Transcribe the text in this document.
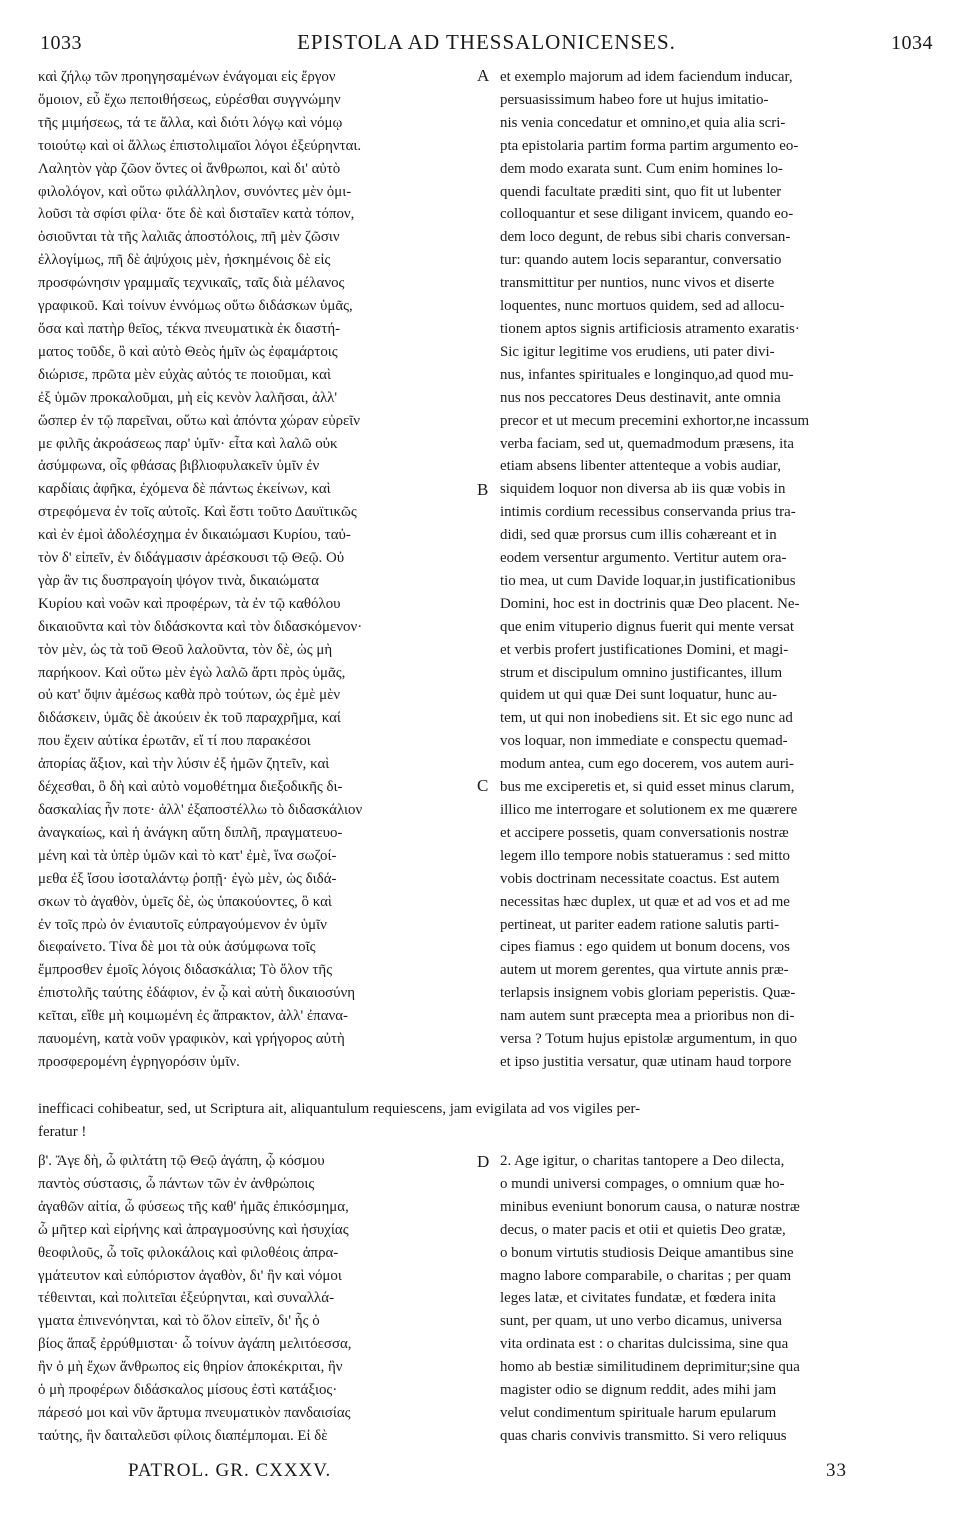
1033	EPISTOLA AD THESSALONICENSES.	1034
καὶ ζήλῳ τῶν προηγησαμένων ἐνάγομαι εἰς ἔργον
ὅμοιον, εὖ ἔχω πεποιθήσεως, εὑρέσθαι συγγνώμην
τῆς μιμήσεως, τά τε ἄλλα, καὶ διότι λόγῳ καὶ νόμῳ
τοιούτῳ καὶ οἱ ἄλλως ἐπιστολιμαῖοι λόγοι ἐξεύρηνται.
Λαλητὸν γὰρ ζῶον ὄντες οἱ ἄνθρωποι, καὶ δι' αὐτὸ
φιλολόγον, καὶ οὕτω φιλάλληλον, συνόντες μὲν ὁμι-
λοῦσι τὰ σφίσι φίλα· ὅτε δὲ καὶ δισταῖεν κατὰ τόπον,
ὁσιοῦνται τὰ τῆς λαλιᾶς ἀποστόλοις, πῆ μὲν ζῶσιν
ἐλλογίμως, πῆ δὲ ἀψύχοις μὲν, ἠσκημένοις δὲ εἰς
προσφώνησιν γραμμαῖς τεχνικαῖς, ταῖς διὰ μέλανος
γραφικοῦ. Καὶ τοίνυν ἐννόμως οὕτω διδάσκων ὑμᾶς,
ὅσα καὶ πατὴρ θεῖος, τέκνα πνευματικὰ ἐκ διαστή-
ματος τοῦδε, ὃ καὶ αὐτὸ Θεὸς ἡμῖν ὡς ἐφαμάρτοις
διώρισε, πρῶτα μὲν εὐχὰς αὐτός τε ποιοῦμαι, καὶ
ἐξ ὑμῶν προκαλοῦμαι, μὴ εἰς κενὸν λαλῆσαι, ἀλλ'
ὥσπερ ἐν τῷ παρεῖναι, οὕτω καὶ ἀπόντα χώραν εὑρεῖν
με φιλῆς ἀκροάσεως παρ' ὑμῖν· εἶτα καὶ λαλῶ οὐκ
ἀσύμφωνα, οἷς φθάσας βιβλιοφυλακεῖν ὑμῖν ἐν
καρδίαις ἀφῆκα, ἐχόμενα δὲ πάντως ἐκείνων, καὶ
στρεφόμενα ἐν τοῖς αὐτοῖς. Καὶ ἔστι τοῦτο Δαυϊτικῶς
καὶ ἐν ἐμοὶ ἀδολέσχημα ἐν δικαιώμασι Κυρίου, ταὐ-
τὸν δ' εἰπεῖν, ἐν διδάγμασιν ἀρέσκουσι τῷ Θεῷ. Οὐ
γὰρ ἂν τις δυσπραγοίη ψόγον τινὰ, δικαιώματα
Κυρίου καὶ νοῶν καὶ προφέρων, τὰ ἐν τῷ καθόλου
δικαιοῦντα καὶ τὸν διδάσκοντα καὶ τὸν διδασκόμενον·
τὸν μὲν, ὡς τὰ τοῦ Θεοῦ λαλοῦντα, τὸν δὲ, ὡς μὴ
παρήκοον. Καὶ οὕτω μὲν ἐγὼ λαλῶ ἄρτι πρὸς ὑμᾶς,
οὐ κατ' ὄψιν ἀμέσως καθὰ πρὸ τούτων, ὡς ἐμὲ μὲν
διδάσκειν, ὑμᾶς δὲ ἀκούειν ἐκ τοῦ παραχρῆμα, καί
που ἔχειν αὐτίκα ἐρωτᾶν, εἴ τί που παρακέσοι
ἀπορίας ἄξιον, καὶ τὴν λύσιν ἐξ ἡμῶν ζητεῖν, καὶ
δέχεσθαι, ὃ δὴ καὶ αὐτὸ νομοθέτημα διεξοδικῆς δι-
δασκαλίας ἦν ποτε· ἀλλ' ἐξαποστέλλω τὸ διδασκάλιον
ἀναγκαίως, καὶ ἡ ἀνάγκη αὕτη διπλῆ, πραγματευο-
μένη καὶ τὰ ὑπὲρ ὑμῶν καὶ τὸ κατ' ἐμὲ, ἵνα σωζοί-
μεθα ἐξ ἴσου ἰσοταλάντῳ ῥοπῇ· ἐγὼ μὲν, ὡς διδά-
σκων τὸ ἀγαθὸν, ὑμεῖς δὲ, ὡς ὑπακούοντες, ὃ καὶ
ἐν τοῖς πρὼ ὀν ἐνιαυτοῖς εὐπραγούμενον ἐν ὑμῖν
διεφαίνετο. Τίνα δὲ μοι τὰ οὐκ ἀσύμφωνα τοῖς
ἔμπροσθεν ἐμοῖς λόγοις διδασκάλια; Τὸ ὅλον τῆς
ἐπιστολῆς ταύτης ἐδάφιον, ἐν ᾧ καὶ αὐτὴ δικαιοσύνη
κεῖται, εἴθε μὴ κοιμωμένη ἐς ἄπρακτον, ἀλλ' ἐπανα-
παυομένη, κατὰ νοῦν γραφικὸν, καὶ γρήγορος αὐτὴ
προσφερομένη ἐγρηγορόσιν ὑμῖν.
et exemplo majorum ad idem faciendum inducar,
persuasissimum habeo fore ut hujus imitatio-
nis venia concedatur et omnino,et quia alia scri-
pta epistolaria partim forma partim argumento eo-
dem modo exarata sunt. Cum enim homines lo-
quendi facultate præditi sint, quo fit ut lubenter
colloquantur et sese diligant invicem, quando eo-
dem loco degunt, de rebus sibi charis conversan-
tur: quando autem locis separantur, conversatio
transmittitur per nuntios, nunc vivos et diserte
loquentes, nunc mortuos quidem, sed ad allocu-
tionem aptos signis artificiosis atramento exaratis·
Sic igitur legitime vos erudiens, uti pater divi-
nus, infantes spirituales e longinquo,ad quod mu-
nus nos peccatores Deus destinavit, ante omnia
precor et ut mecum precemini exhortor,ne incassum
verba faciam, sed ut, quemadmodum præsens, ita
etiam absens libenter attenteque a vobis audiar,
siquidem loquor non diversa ab iis quæ vobis in
intimis cordium recessibus conservanda prius tra-
didi, sed quæ prorsus cum illis cohæreant et in
eodem versentur argumento. Vertitur autem ora-
tio mea, ut cum Davide loquar,in justificationibus
Domini, hoc est in doctrinis quæ Deo placent. Ne-
que enim vituperio dignus fuerit qui mente versat
et verbis profert justificationes Domini, et magi-
strum et discipulum omnino justificantes, illum
quidem ut qui quæ Dei sunt loquatur, hunc au-
tem, ut qui non inobediens sit. Et sic ego nunc ad
vos loquar, non immediate e conspectu quemad-
modum antea, cum ego docerem, vos autem auri-
bus me exciperetis et, si quid esset minus clarum,
illico me interrogare et solutionem ex me quærere
et accipere possetis, quam conversationis nostræ
legem illo tempore nobis statueramus : sed mitto
vobis doctrinam necessitate coactus. Est autem
necessitas hæc duplex, ut quæ et ad vos et ad me
pertineat, ut pariter eadem ratione salutis parti-
cipes fiamus : ego quidem ut bonum docens, vos
autem ut morem gerentes, qua virtute annis præ-
terlapsis insignem vobis gloriam peperistis. Quæ-
nam autem sunt præcepta mea a prioribus non di-
versa ? Totum hujus epistolæ argumentum, in quo
et ipso justitia versatur, quæ utinam haud torpore
A
B
C
D
inefficaci cohibeatur, sed, ut Scriptura ait, aliquantulum requiescens, jam evigilata ad vos vigiles per-
feratur !
β'. Ἄγε δὴ, ὦ φιλτάτη τῷ Θεῷ ἀγάπη, ᾧ κόσμου
παντὸς σύστασις, ὦ πάντων τῶν ἐν ἀνθρώποις
ἀγαθῶν αἰτία, ὦ φύσεως τῆς καθ' ἡμᾶς ἐπικόσμημα,
ὦ μῆτερ καὶ εἰρήνης καὶ ἀπραγμοσύνης καὶ ἡσυχίας
θεοφιλοῦς, ὦ τοῖς φιλοκάλοις καὶ φιλοθέοις ἀπρα-
γμάτευτον καὶ εὐπόριστον ἀγαθὸν, δι' ἣν καὶ νόμοι
τέθεινται, καὶ πολιτεῖαι ἐξεύρηνται, καὶ συναλλά-
γματα ἐπινενόηνται, καὶ τὸ ὅλον εἰπεῖν, δι' ἧς ὁ
βίος ἅπαξ ἐρρύθμισται· ὦ τοίνυν ἀγάπη μελιτόεσσα,
ἣν ὁ μὴ ἔχων ἄνθρωπος εἰς θηρίον ἀποκέκριται, ἣν
ὁ μὴ προφέρων διδάσκαλος μίσους ἐστὶ κατάξιος·
πάρεσό μοι καὶ νῦν ἄρτυμα πνευματικὸν πανδαισίας
ταύτης, ἣν δαιταλεῦσι φίλοις διαπέμπομαι. Εἰ δὲ
2. Age igitur, o charitas tantopere a Deo dilecta,
o mundi universi compages, o omnium quæ ho-
minibus eveniunt bonorum causa, o naturæ nostræ
decus, o mater pacis et otii et quietis Deo gratæ,
o bonum virtutis studiosis Deique amantibus sine
magno labore comparabile, o charitas ; per quam
leges latæ, et civitates fundatæ, et fœdera inita
sunt, per quam, ut uno verbo dicamus, universa
vita ordinata est : o charitas dulcissima, sine qua
homo ab bestiæ similitudinem deprimitur;sine qua
magister odio se dignum reddit, ades mihi jam
velut condimentum spirituale harum epularum
quas charis convivis transmitto. Si vero reliquus
PATROL. GR. CXXXV.	33
